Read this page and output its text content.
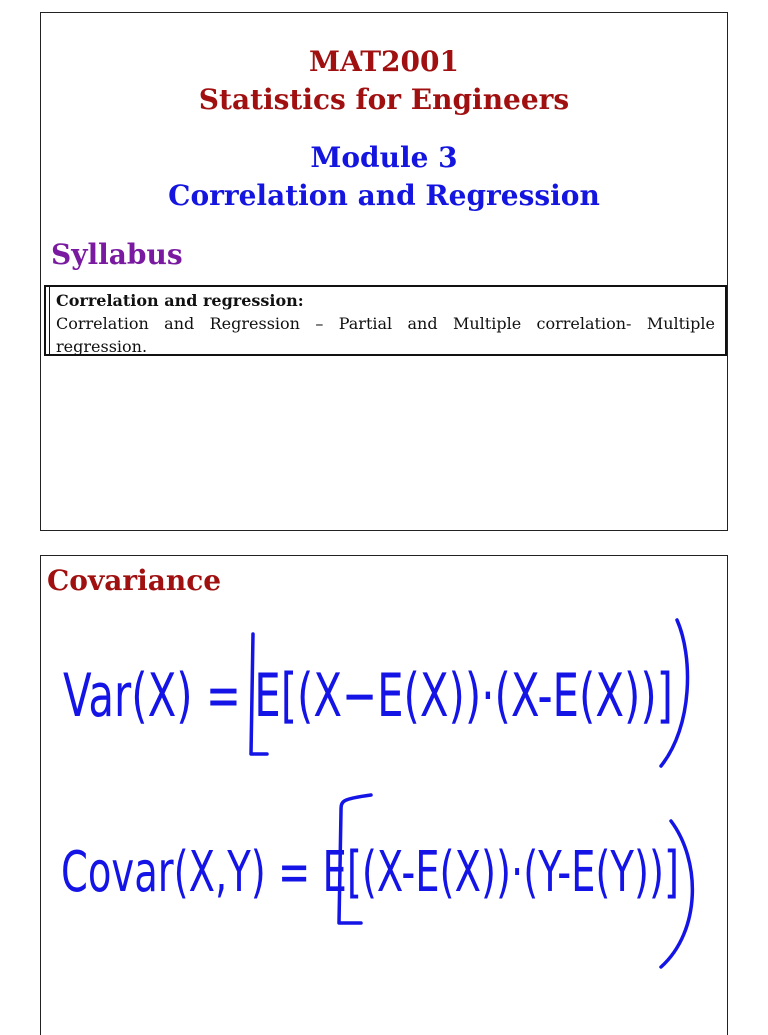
MAT2001
Statistics for Engineers
Module 3
Correlation and Regression
Syllabus
Correlation and regression:
Correlation and Regression – Partial and Multiple correlation- Multiple regression.
Covariance
Var(X) = E[(X−E(X))·(X-E(X))]
Covar(X,Y) = E[(X-E(X))·(Y-E(Y))]
